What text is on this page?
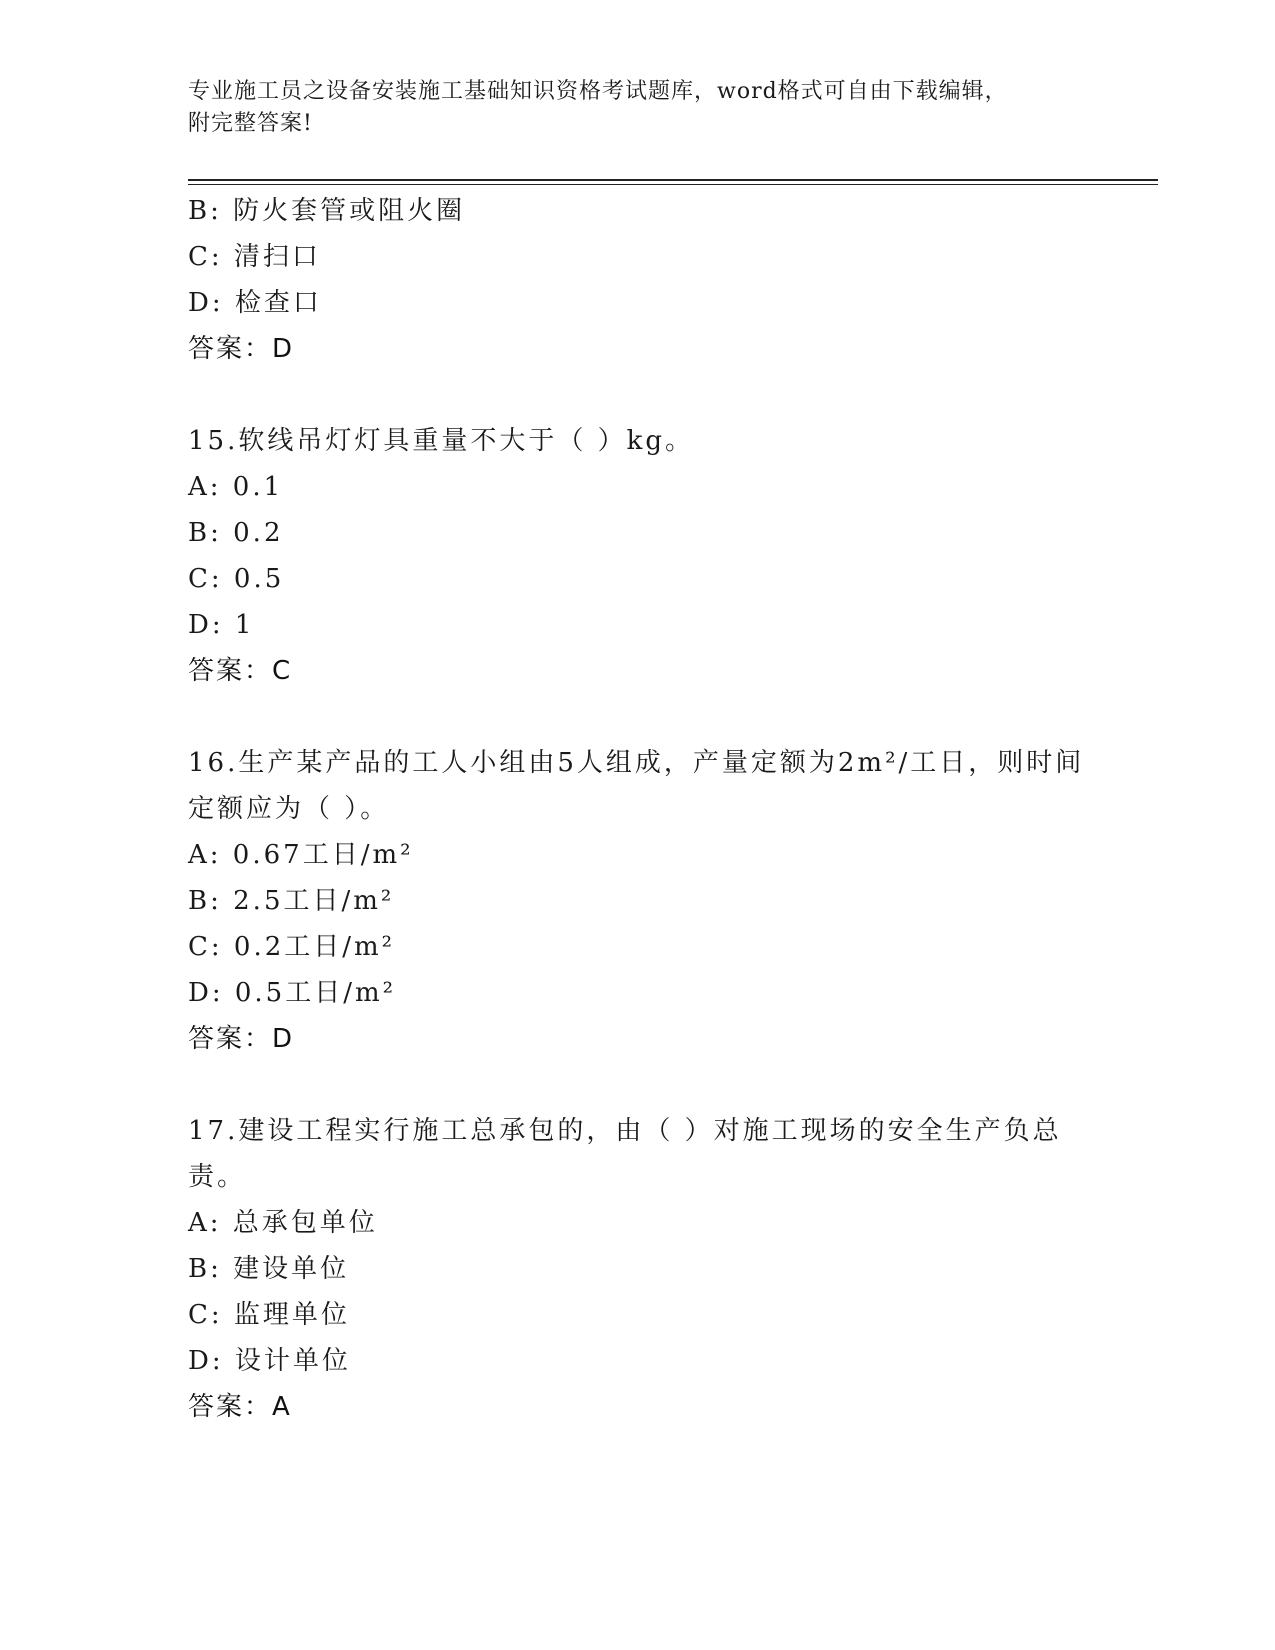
专业施工员之设备安装施工基础知识资格考试题库，word格式可自由下载编辑，
附完整答案!
B: 防火套管或阻火圈
C: 清扫口
D: 检查口
答案：D
15.软线吊灯灯具重量不大于（ ）kg。
A: 0.1
B: 0.2
C: 0.5
D: 1
答案：C
16.生产某产品的工人小组由5人组成，产量定额为2m²/工日，则时间
定额应为（ ）。
A: 0.67工日/m²
B: 2.5工日/m²
C: 0.2工日/m²
D: 0.5工日/m²
答案：D
17.建设工程实行施工总承包的，由（ ）对施工现场的安全生产负总
责。
A: 总承包单位
B: 建设单位
C: 监理单位
D: 设计单位
答案：A
